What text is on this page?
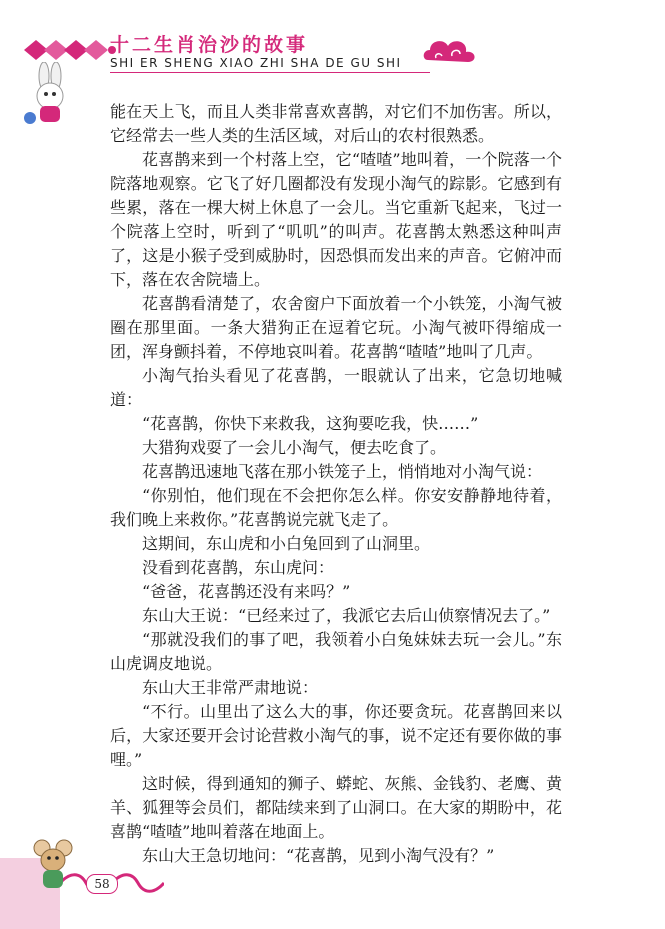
十二生肖治沙的故事
SHI ER SHENG XIAO ZHI SHA DE GU SHI

能在天上飞，而且人类非常喜欢喜鹊，对它们不加伤害。所以，它经常去一些人类的生活区域，对后山的农村很熟悉。

花喜鹊来到一个村落上空，它“喳喳”地叫着，一个院落一个院落地观察。它飞了好几圈都没有发现小淘气的踪影。它感到有些累，落在一棵大树上休息了一会儿。当它重新飞起来，飞过一个院落上空时，听到了“叽叽”的叫声。花喜鹊太熟悉这种叫声了，这是小猴子受到威胁时，因恐惧而发出来的声音。它俯冲而下，落在农舍院墙上。

花喜鹊看清楚了，农舍窗户下面放着一个小铁笼，小淘气被圈在那里面。一条大猎狗正在逗着它玩。小淘气被吓得缩成一团，浑身颤抖着，不停地哀叫着。花喜鹊“喳喳”地叫了几声。

小淘气抬头看见了花喜鹊，一眼就认了出来，它急切地喊道：

“花喜鹊，你快下来救我，这狗要吃我，快……”

大猎狗戏耍了一会儿小淘气，便去吃食了。

花喜鹊迅速地飞落在那小铁笼子上，悄悄地对小淘气说：

“你别怕，他们现在不会把你怎么样。你安安静静地待着，我们晚上来救你。”花喜鹊说完就飞走了。

这期间，东山虎和小白兔回到了山洞里。

没看到花喜鹊，东山虎问：

“爸爸，花喜鹊还没有来吗？”

东山大王说：“已经来过了，我派它去后山侦察情况去了。”

“那就没我们的事了吧，我领着小白兔妹妹去玩一会儿。”东山虎调皮地说。

东山大王非常严肃地说：

“不行。山里出了这么大的事，你还要贪玩。花喜鹊回来以后，大家还要开会讨论营救小淘气的事，说不定还有要你做的事哩。”

这时候，得到通知的狮子、蟒蛇、灰熊、金钱豹、老鹰、黄羊、狐狸等会员们，都陆续来到了山洞口。在大家的期盼中，花喜鹊“喳喳”地叫着落在地面上。

东山大王急切地问：“花喜鹊，见到小淘气没有？”

58
